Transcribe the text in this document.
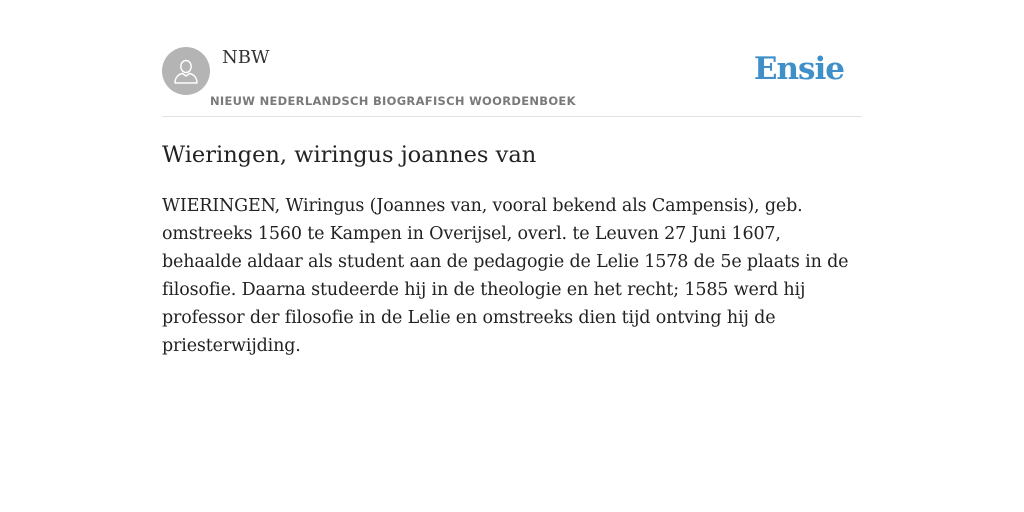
NBW
NIEUW NEDERLANDSCH BIOGRAFISCH WOORDENBOEK
Ensie
Wieringen, wiringus joannes van

WIERINGEN, Wiringus (Joannes van, vooral bekend als Campensis), geb. omstreeks 1560 te Kampen in Overijsel, overl. te Leuven 27 Juni 1607, behaalde aldaar als student aan de pedagogie de Lelie 1578 de 5e plaats in de filosofie. Daarna studeerde hij in de theologie en het recht; 1585 werd hij professor der filosofie in de Lelie en omstreeks dien tijd ontving hij de priesterwijding.
